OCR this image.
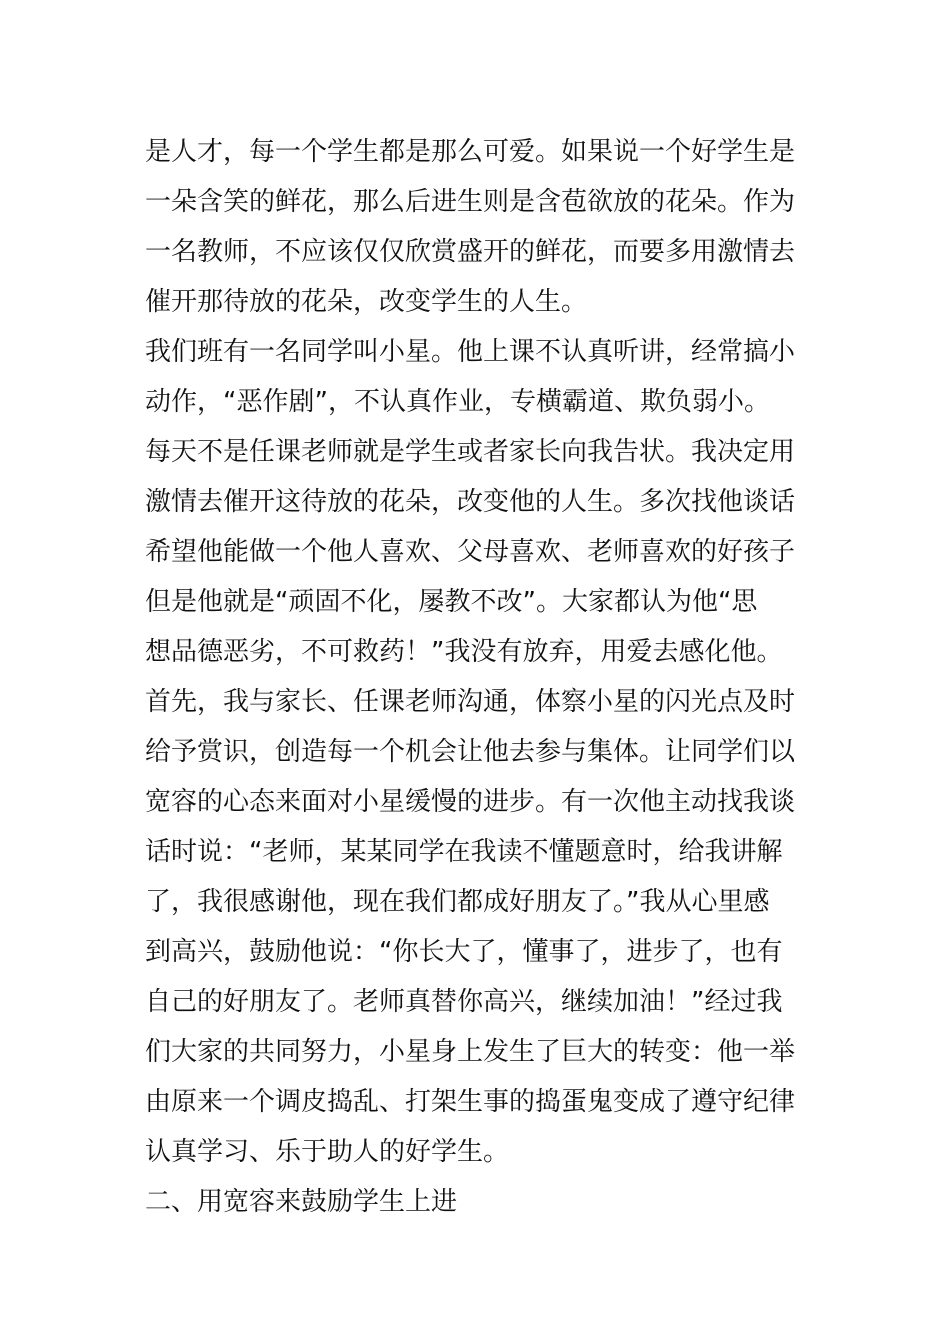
是人才，每一个学生都是那么可爱。如果说一个好学生是
一朵含笑的鲜花，那么后进生则是含苞欲放的花朵。作为
一名教师，不应该仅仅欣赏盛开的鲜花，而要多用激情去
催开那待放的花朵，改变学生的人生。
我们班有一名同学叫小星。他上课不认真听讲，经常搞小
动作，“恶作剧”，不认真作业，专横霸道、欺负弱小。
每天不是任课老师就是学生或者家长向我告状。我决定用
激情去催开这待放的花朵，改变他的人生。多次找他谈话
希望他能做一个他人喜欢、父母喜欢、老师喜欢的好孩子
但是他就是“顽固不化，屡教不改”。大家都认为他“思
想品德恶劣，不可救药！”我没有放弃，用爱去感化他。
首先，我与家长、任课老师沟通，体察小星的闪光点及时
给予赏识，创造每一个机会让他去参与集体。让同学们以
宽容的心态来面对小星缓慢的进步。有一次他主动找我谈
话时说：“老师，某某同学在我读不懂题意时，给我讲解
了，我很感谢他，现在我们都成好朋友了。”我从心里感
到高兴，鼓励他说：“你长大了，懂事了，进步了，也有
自己的好朋友了。老师真替你高兴，继续加油！”经过我
们大家的共同努力，小星身上发生了巨大的转变：他一举
由原来一个调皮捣乱、打架生事的捣蛋鬼变成了遵守纪律
认真学习、乐于助人的好学生。
二、用宽容来鼓励学生上进
